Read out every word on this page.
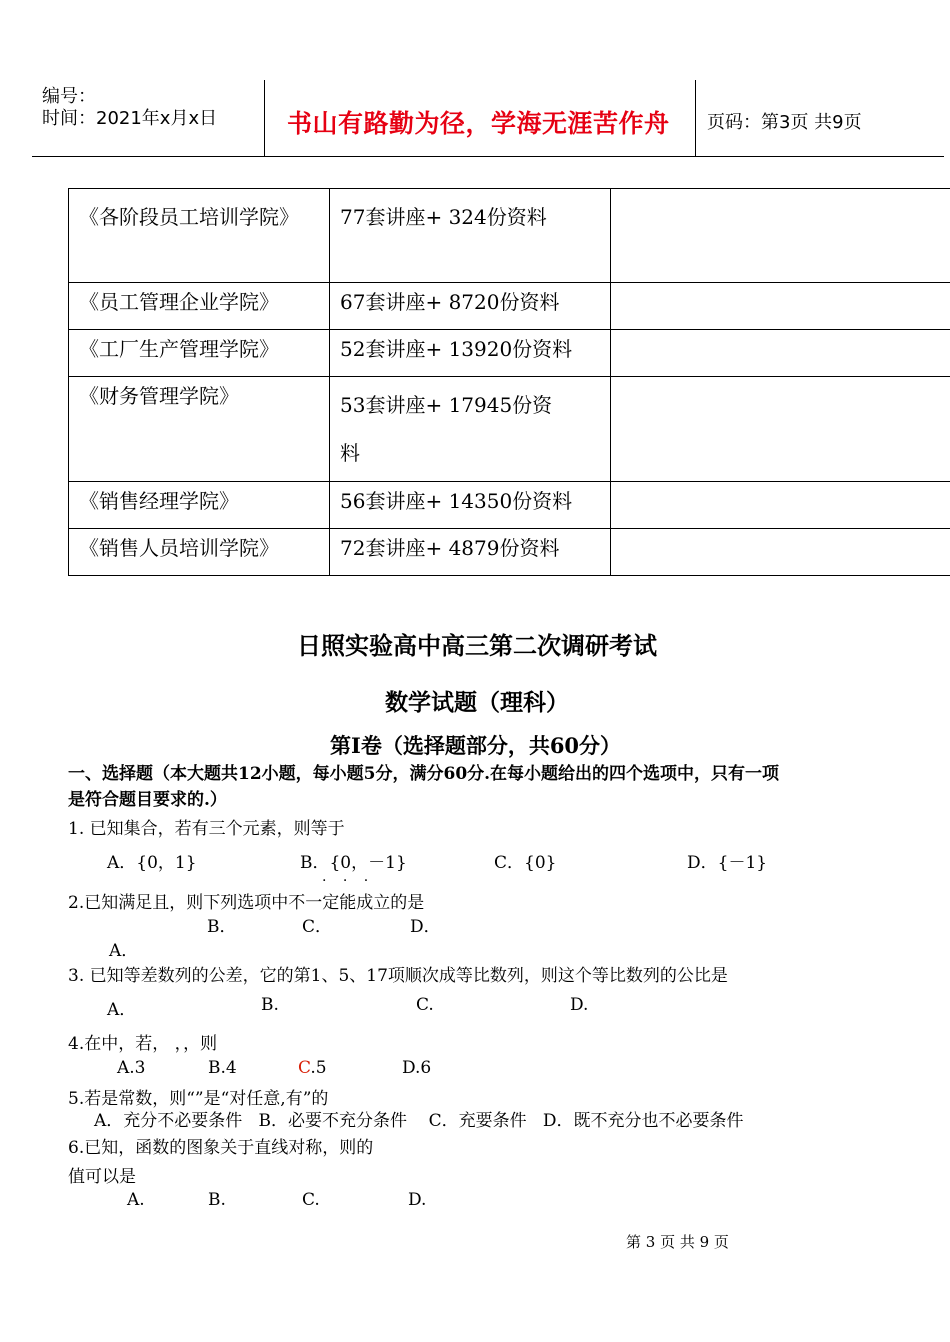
编号：
时间：2021年x月x日	书山有路勤为径，学海无涯苦作舟 页码：第3页 共9页
《各阶段员工培训学院》	77套讲座+ 324份资料	
《员工管理企业学院》	67套讲座+ 8720份资料	
《工厂生产管理学院》	52套讲座+ 13920份资料	
《财务管理学院》	53套讲座+ 17945份资料	

《销售经理学院》	56套讲座+ 14350份资料	
《销售人员培训学院》	72套讲座+ 4879份资料	
日照实验高中高三第二次调研考试
数学试题（理科）
第Ⅰ卷（选择题部分，共60分）
一、选择题（本大题共12小题，每小题5分，满分60分.在每小题给出的四个选项中，只有一项
是符合题目要求的.）
1. 已知集合，若有三个元素，则等于
A．{0，1}	B．{0，－1}	C．{0}	D．{－1}
. . .
2.已知满足且，则下列选项中不一定能成立的是
B．	C．	D．
A．
3. 已知等差数列的公差，它的第1、5、17项顺次成等比数列，则这个等比数列的公比是
A．	B.	C.	D.
4.在中，若， ，，则
A.3	B.4	C.5	D.6
5.若是常数，则“”是“对任意,有”的
A．充分不必要条件   B．必要不充分条件    C．充要条件   D．既不充分也不必要条件
6.已知，函数的图象关于直线对称，则的
值可以是
A.	B.	C.	D.
第 3 页 共 9 页
